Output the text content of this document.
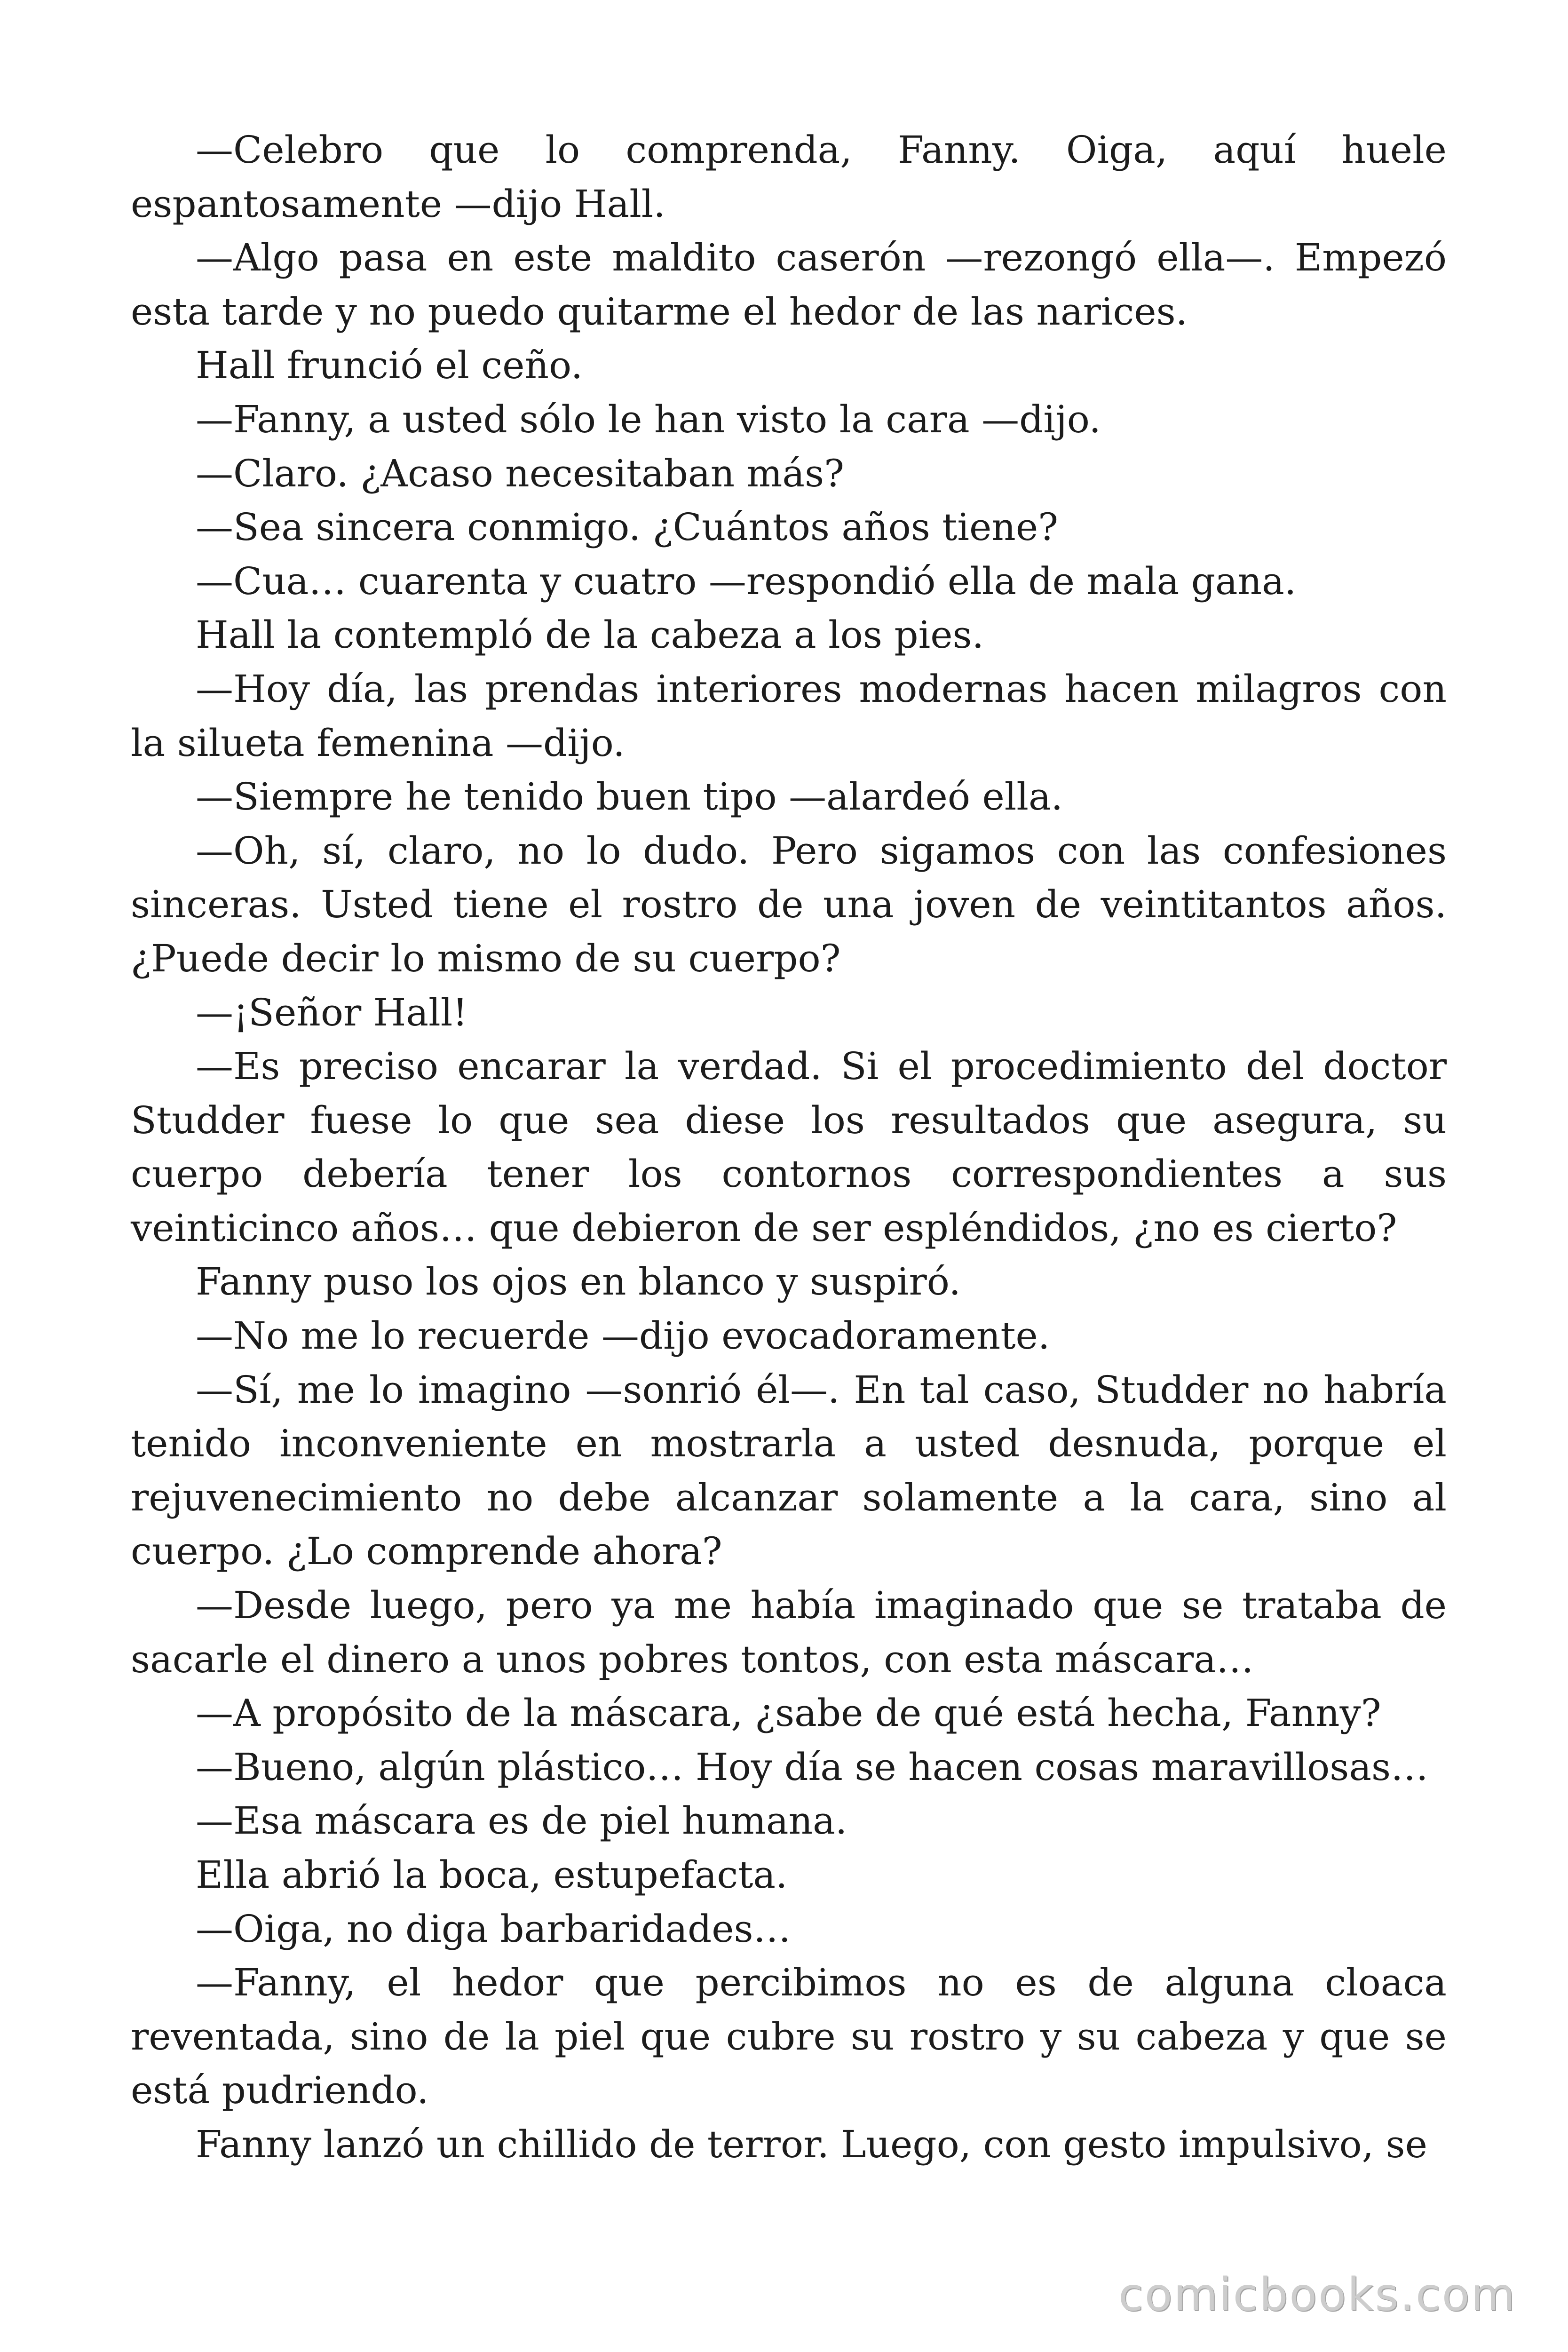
—Celebro que lo comprenda, Fanny. Oiga, aquí huele espantosamente —dijo Hall.

—Algo pasa en este maldito caserón —rezongó ella—. Empezó esta tarde y no puedo quitarme el hedor de las narices.

Hall frunció el ceño.

—Fanny, a usted sólo le han visto la cara —dijo.

—Claro. ¿Acaso necesitaban más?

—Sea sincera conmigo. ¿Cuántos años tiene?

—Cua… cuarenta y cuatro —respondió ella de mala gana.

Hall la contempló de la cabeza a los pies.

—Hoy día, las prendas interiores modernas hacen milagros con la silueta femenina —dijo.

—Siempre he tenido buen tipo —alardeó ella.

—Oh, sí, claro, no lo dudo. Pero sigamos con las confesiones sinceras. Usted tiene el rostro de una joven de veintitantos años. ¿Puede decir lo mismo de su cuerpo?

—¡Señor Hall!

—Es preciso encarar la verdad. Si el procedimiento del doctor Studder fuese lo que sea diese los resultados que asegura, su cuerpo debería tener los contornos correspondientes a sus veinticinco años… que debieron de ser espléndidos, ¿no es cierto?

Fanny puso los ojos en blanco y suspiró.

—No me lo recuerde —dijo evocadoramente.

—Sí, me lo imagino —sonrió él—. En tal caso, Studder no habría tenido inconveniente en mostrarla a usted desnuda, porque el rejuvenecimiento no debe alcanzar solamente a la cara, sino al cuerpo. ¿Lo comprende ahora?

—Desde luego, pero ya me había imaginado que se trataba de sacarle el dinero a unos pobres tontos, con esta máscara…

—A propósito de la máscara, ¿sabe de qué está hecha, Fanny?

—Bueno, algún plástico… Hoy día se hacen cosas maravillosas…

—Esa máscara es de piel humana.

Ella abrió la boca, estupefacta.

—Oiga, no diga barbaridades…

—Fanny, el hedor que percibimos no es de alguna cloaca reventada, sino de la piel que cubre su rostro y su cabeza y que se está pudriendo.

Fanny lanzó un chillido de terror. Luego, con gesto impulsivo, se

comicbooks.com
